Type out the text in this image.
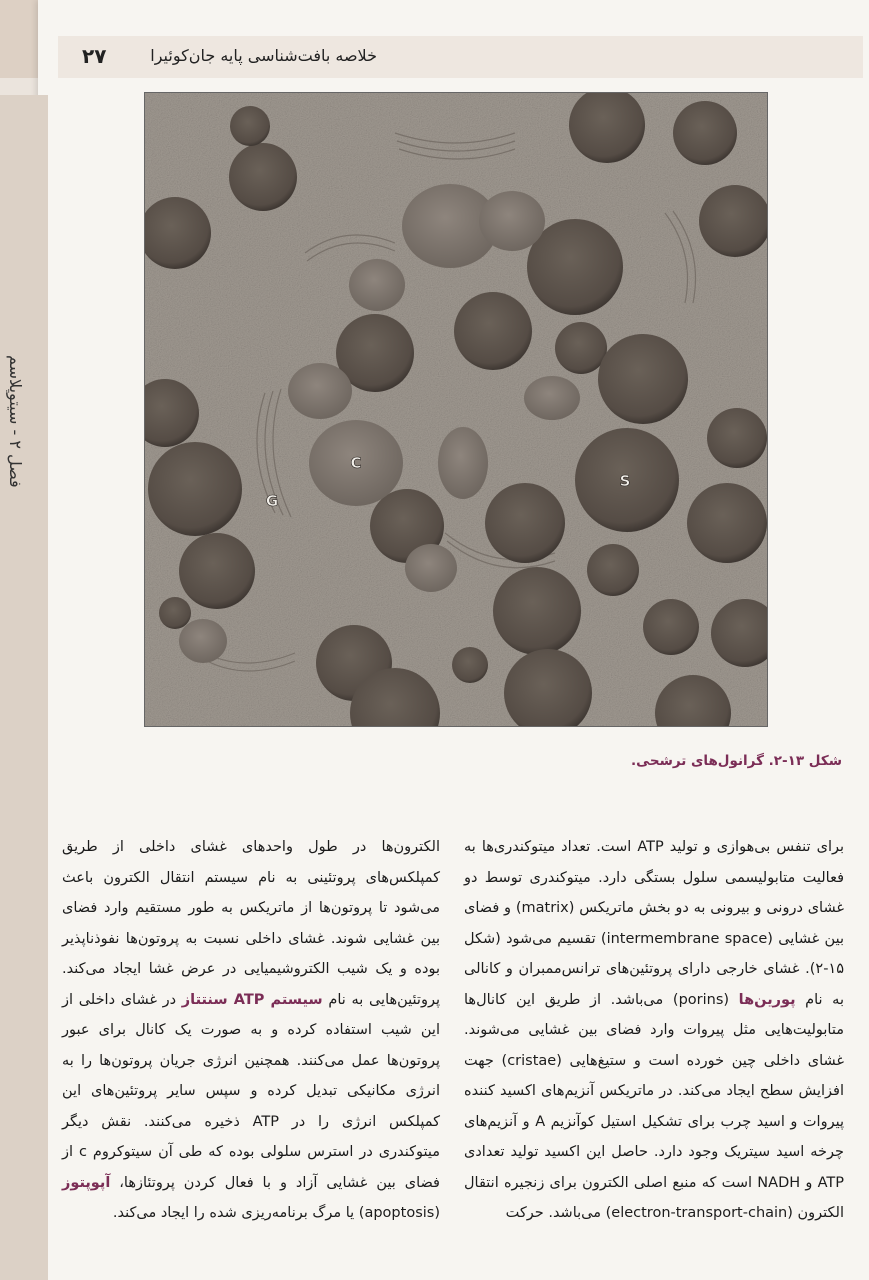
۲۷	خلاصه بافت‌شناسی پایه جان‌کوئیرا
فصل ۲ - سیتوپلاسم	C
S
G
شکل ۱۳-۲. گرانول‌های ترشحی.

برای تنفس بی‌هوازی و تولید ATP است. تعداد میتوکندری‌ها به فعالیت متابولیسمی سلول بستگی دارد. میتوکندری توسط دو غشای درونی و بیرونی به دو بخش ماتریکس (matrix) و فضای بین غشایی (intermembrane space) تقسیم می‌شود (شکل ۱۵-۲). غشای خارجی دارای پروتئین‌های ترانس‌ممبران و کانالی به نام پورین‌ها (porins) می‌باشد. از طریق این کانال‌ها متابولیت‌هایی مثل پیروات وارد فضای بین غشایی می‌شوند. غشای داخلی چین خورده است و ستیغ‌هایی (cristae) جهت افزایش سطح ایجاد می‌کند. در ماتریکس آنزیم‌های اکسید کننده پیروات و اسید چرب برای تشکیل استیل کوآنزیم A و آنزیم‌های چرخه اسید سیتریک وجود دارد. حاصل این اکسید تولید تعدادی ATP و NADH است که منبع اصلی الکترون برای زنجیره انتقال الکترون (electron-transport-chain) می‌باشد. حرکت

الکترون‌ها در طول واحدهای غشای داخلی از طریق کمپلکس‌های پروتئینی به نام سیستم انتقال الکترون باعث می‌شود تا پروتون‌ها از ماتریکس به طور مستقیم وارد فضای بین غشایی شوند. غشای داخلی نسبت به پروتون‌ها نفوذناپذیر بوده و یک شیب الکتروشیمیایی در عرض غشا ایجاد می‌کند. پروتئین‌هایی به نام سیستم ATP سنتتاز در غشای داخلی از این شیب استفاده کرده و به صورت یک کانال برای عبور پروتون‌ها عمل می‌کنند. همچنین انرژی جریان پروتون‌ها را به انرژی مکانیکی تبدیل کرده و سپس سایر پروتئین‌های این کمپلکس انرژی را در ATP ذخیره می‌کنند. نقش دیگر میتوکندری در استرس سلولی بوده که طی آن سیتوکروم c از فضای بین غشایی آزاد و با فعال کردن پروتئازها، آپوپتوز (apoptosis) یا مرگ برنامه‌ریزی شده را ایجاد می‌کند.
